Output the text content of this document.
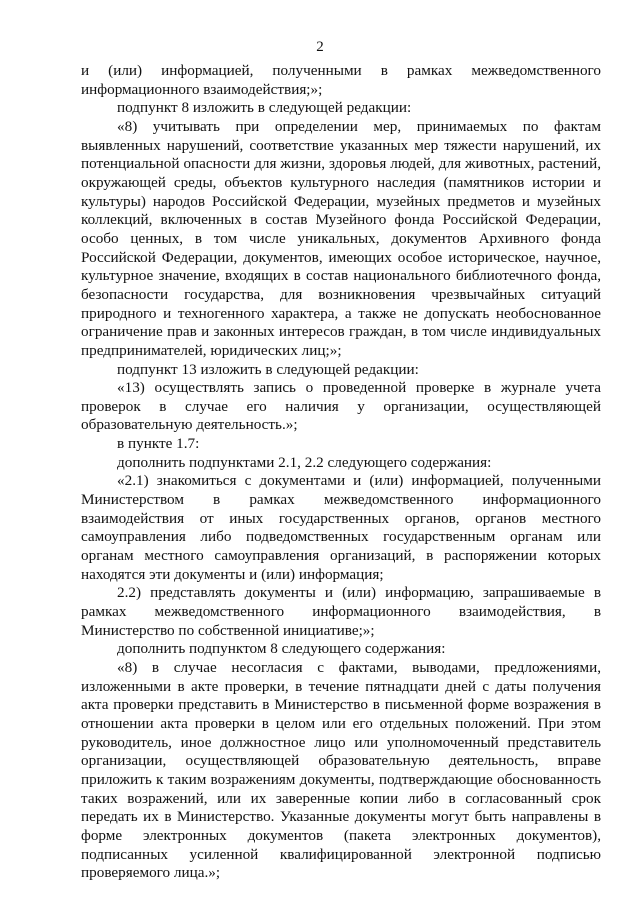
2

и (или) информацией, полученными в рамках межведомственного информационного взаимодействия;»;

подпункт 8 изложить в следующей редакции:

«8) учитывать при определении мер, принимаемых по фактам выявленных нарушений, соответствие указанных мер тяжести нарушений, их потенциальной опасности для жизни, здоровья людей, для животных, растений, окружающей среды, объектов культурного наследия (памятников истории и культуры) народов Российской Федерации, музейных предметов и музейных коллекций, включенных в состав Музейного фонда Российской Федерации, особо ценных, в том числе уникальных, документов Архивного фонда Российской Федерации, документов, имеющих особое историческое, научное, культурное значение, входящих в состав национального библиотечного фонда, безопасности государства, для возникновения чрезвычайных ситуаций природного и техногенного характера, а также не допускать необоснованное ограничение прав и законных интересов граждан, в том числе индивидуальных предпринимателей, юридических лиц;»;

подпункт 13 изложить в следующей редакции:

«13) осуществлять запись о проведенной проверке в журнале учета проверок в случае его наличия у организации, осуществляющей образовательную деятельность.»;

в пункте 1.7:

дополнить подпунктами 2.1, 2.2 следующего содержания:

«2.1) знакомиться с документами и (или) информацией, полученными Министерством в рамках межведомственного информационного взаимодействия от иных государственных органов, органов местного самоуправления либо подведомственных государственным органам или органам местного самоуправления организаций, в распоряжении которых находятся эти документы и (или) информация;

2.2) представлять документы и (или) информацию, запрашиваемые в рамках межведомственного информационного взаимодействия, в Министерство по собственной инициативе;»;

дополнить подпунктом 8 следующего содержания:

«8) в случае несогласия с фактами, выводами, предложениями, изложенными в акте проверки, в течение пятнадцати дней с даты получения акта проверки представить в Министерство в письменной форме возражения в отношении акта проверки в целом или его отдельных положений. При этом руководитель, иное должностное лицо или уполномоченный представитель организации, осуществляющей образовательную деятельность, вправе приложить к таким возражениям документы, подтверждающие обоснованность таких возражений, или их заверенные копии либо в согласованный срок передать их в Министерство. Указанные документы могут быть направлены в форме электронных документов (пакета электронных документов), подписанных усиленной квалифицированной электронной подписью проверяемого лица.»;
